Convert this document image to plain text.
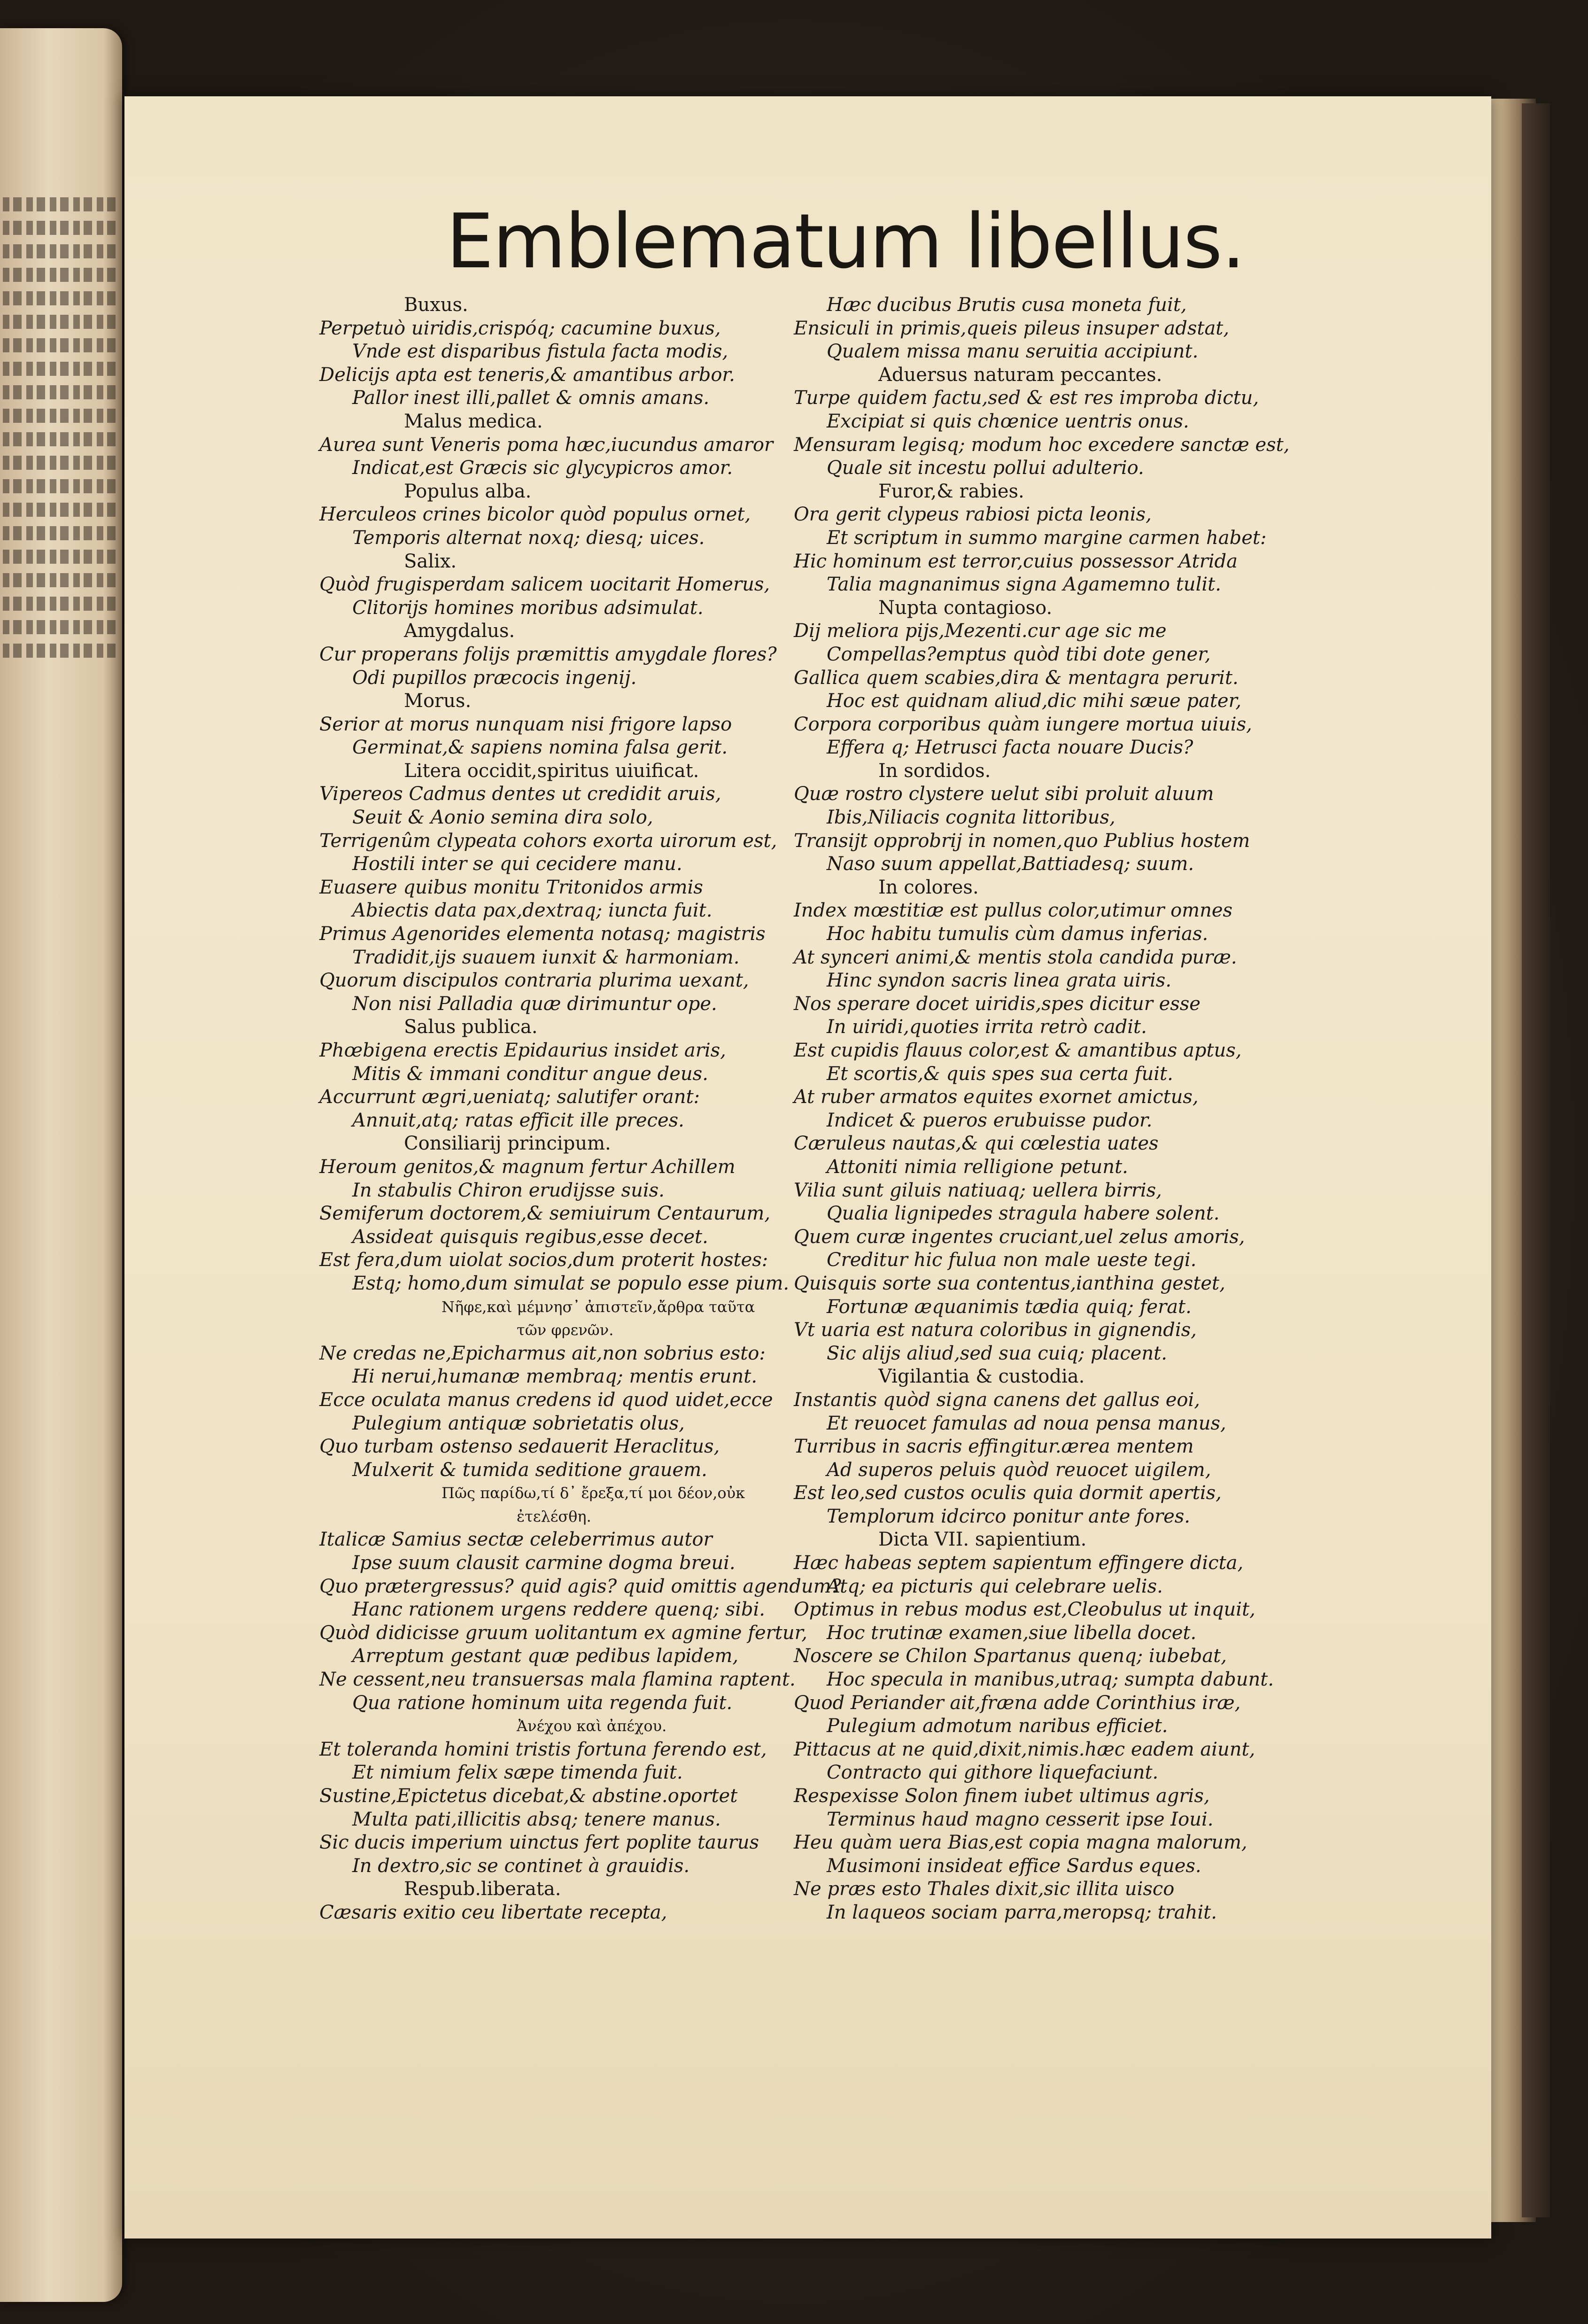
Emblematum libellus.
Buxus.
Perpetuò uiridis,crispóq; cacumine buxus,
Vnde est disparibus fistula facta modis,
Delicijs apta est teneris,& amantibus arbor.
Pallor inest illi,pallet & omnis amans.
Malus medica.
Aurea sunt Veneris poma hæc,iucundus amaror
Indicat,est Græcis sic glycypicros amor.
Populus alba.
Herculeos crines bicolor quòd populus ornet,
Temporis alternat noxq; diesq; uices.
Salix.
Quòd frugisperdam salicem uocitarit Homerus,
Clitorijs homines moribus adsimulat.
Amygdalus.
Cur properans folijs præmittis amygdale flores?
Odi pupillos præcocis ingenij.
Morus.
Serior at morus nunquam nisi frigore lapso
Germinat,& sapiens nomina falsa gerit.
Litera occidit,spiritus uiuificat.
Vipereos Cadmus dentes ut credidit aruis,
Seuit & Aonio semina dira solo,
Terrigenûm clypeata cohors exorta uirorum est,
Hostili inter se qui cecidere manu.
Euasere quibus monitu Tritonidos armis
Abiectis data pax,dextraq; iuncta fuit.
Primus Agenorides elementa notasq; magistris
Tradidit,ijs suauem iunxit & harmoniam.
Quorum discipulos contraria plurima uexant,
Non nisi Palladia quæ dirimuntur ope.
Salus publica.
Phœbigena erectis Epidaurius insidet aris,
Mitis & immani conditur angue deus.
Accurrunt ægri,ueniatq; salutifer orant:
Annuit,atq; ratas efficit ille preces.
Consiliarij principum.
Heroum genitos,& magnum fertur Achillem
In stabulis Chiron erudijsse suis.
Semiferum doctorem,& semiuirum Centaurum,
Assideat quisquis regibus,esse decet.
Est fera,dum uiolat socios,dum proterit hostes:
Estq; homo,dum simulat se populo esse pium.
Νῆφε,καὶ μέμνησ᾽ ἀπιστεῖν,ἄρθρα ταῦτα
τῶν φρενῶν.
Ne credas ne,Epicharmus ait,non sobrius esto:
Hi nerui,humanæ membraq; mentis erunt.
Ecce oculata manus credens id quod uidet,ecce
Pulegium antiquæ sobrietatis olus,
Quo turbam ostenso sedauerit Heraclitus,
Mulxerit & tumida seditione grauem.
Πῶς παρίδω,τί δ᾽ ἔρεξα,τί μοι δέον,οὐκ
ἐτελέσθη.
Italicæ Samius sectæ celeberrimus autor
Ipse suum clausit carmine dogma breui.
Quo prætergressus? quid agis? quid omittis agendum?
Hanc rationem urgens reddere quenq; sibi.
Quòd didicisse gruum uolitantum ex agmine fertur,
Arreptum gestant quæ pedibus lapidem,
Ne cessent,neu transuersas mala flamina raptent.
Qua ratione hominum uita regenda fuit.
Ἀνέχου καὶ ἀπέχου.
Et toleranda homini tristis fortuna ferendo est,
Et nimium felix sæpe timenda fuit.
Sustine,Epictetus dicebat,& abstine.oportet
Multa pati,illicitis absq; tenere manus.
Sic ducis imperium uinctus fert poplite taurus
In dextro,sic se continet à grauidis.
Respub.liberata.
Cæsaris exitio ceu libertate recepta,
Hæc ducibus Brutis cusa moneta fuit,
Ensiculi in primis,queis pileus insuper adstat,
Qualem missa manu seruitia accipiunt.
Aduersus naturam peccantes.
Turpe quidem factu,sed & est res improba dictu,
Excipiat si quis chœnice uentris onus.
Mensuram legisq; modum hoc excedere sanctæ est,
Quale sit incestu pollui adulterio.
Furor,& rabies.
Ora gerit clypeus rabiosi picta leonis,
Et scriptum in summo margine carmen habet:
Hic hominum est terror,cuius possessor Atrida
Talia magnanimus signa Agamemno tulit.
Nupta contagioso.
Dij meliora pijs,Mezenti.cur age sic me
Compellas?emptus quòd tibi dote gener,
Gallica quem scabies,dira & mentagra perurit.
Hoc est quidnam aliud,dic mihi sæue pater,
Corpora corporibus quàm iungere mortua uiuis,
Effera q; Hetrusci facta nouare Ducis?
In sordidos.
Quæ rostro clystere uelut sibi proluit aluum
Ibis,Niliacis cognita littoribus,
Transijt opprobrij in nomen,quo Publius hostem
Naso suum appellat,Battiadesq; suum.
In colores.
Index mœstitiæ est pullus color,utimur omnes
Hoc habitu tumulis cùm damus inferias.
At synceri animi,& mentis stola candida puræ.
Hinc syndon sacris linea grata uiris.
Nos sperare docet uiridis,spes dicitur esse
In uiridi,quoties irrita retrò cadit.
Est cupidis flauus color,est & amantibus aptus,
Et scortis,& quis spes sua certa fuit.
At ruber armatos equites exornet amictus,
Indicet & pueros erubuisse pudor.
Cæruleus nautas,& qui cœlestia uates
Attoniti nimia relligione petunt.
Vilia sunt giluis natiuaq; uellera birris,
Qualia lignipedes stragula habere solent.
Quem curæ ingentes cruciant,uel zelus amoris,
Creditur hic fulua non male ueste tegi.
Quisquis sorte sua contentus,ianthina gestet,
Fortunæ æquanimis tædia quiq; ferat.
Vt uaria est natura coloribus in gignendis,
Sic alijs aliud,sed sua cuiq; placent.
Vigilantia & custodia.
Instantis quòd signa canens det gallus eoi,
Et reuocet famulas ad noua pensa manus,
Turribus in sacris effingitur.ærea mentem
Ad superos peluis quòd reuocet uigilem,
Est leo,sed custos oculis quia dormit apertis,
Templorum idcirco ponitur ante fores.
Dicta VII. sapientium.
Hæc habeas septem sapientum effingere dicta,
Atq; ea picturis qui celebrare uelis.
Optimus in rebus modus est,Cleobulus ut inquit,
Hoc trutinæ examen,siue libella docet.
Noscere se Chilon Spartanus quenq; iubebat,
Hoc specula in manibus,utraq; sumpta dabunt.
Quod Periander ait,fræna adde Corinthius iræ,
Pulegium admotum naribus efficiet.
Pittacus at ne quid,dixit,nimis.hæc eadem aiunt,
Contracto qui githore liquefaciunt.
Respexisse Solon finem iubet ultimus agris,
Terminus haud magno cesserit ipse Ioui.
Heu quàm uera Bias,est copia magna malorum,
Musimoni insideat effice Sardus eques.
Ne præs esto Thales dixit,sic illita uisco
In laqueos sociam parra,meropsq; trahit.
